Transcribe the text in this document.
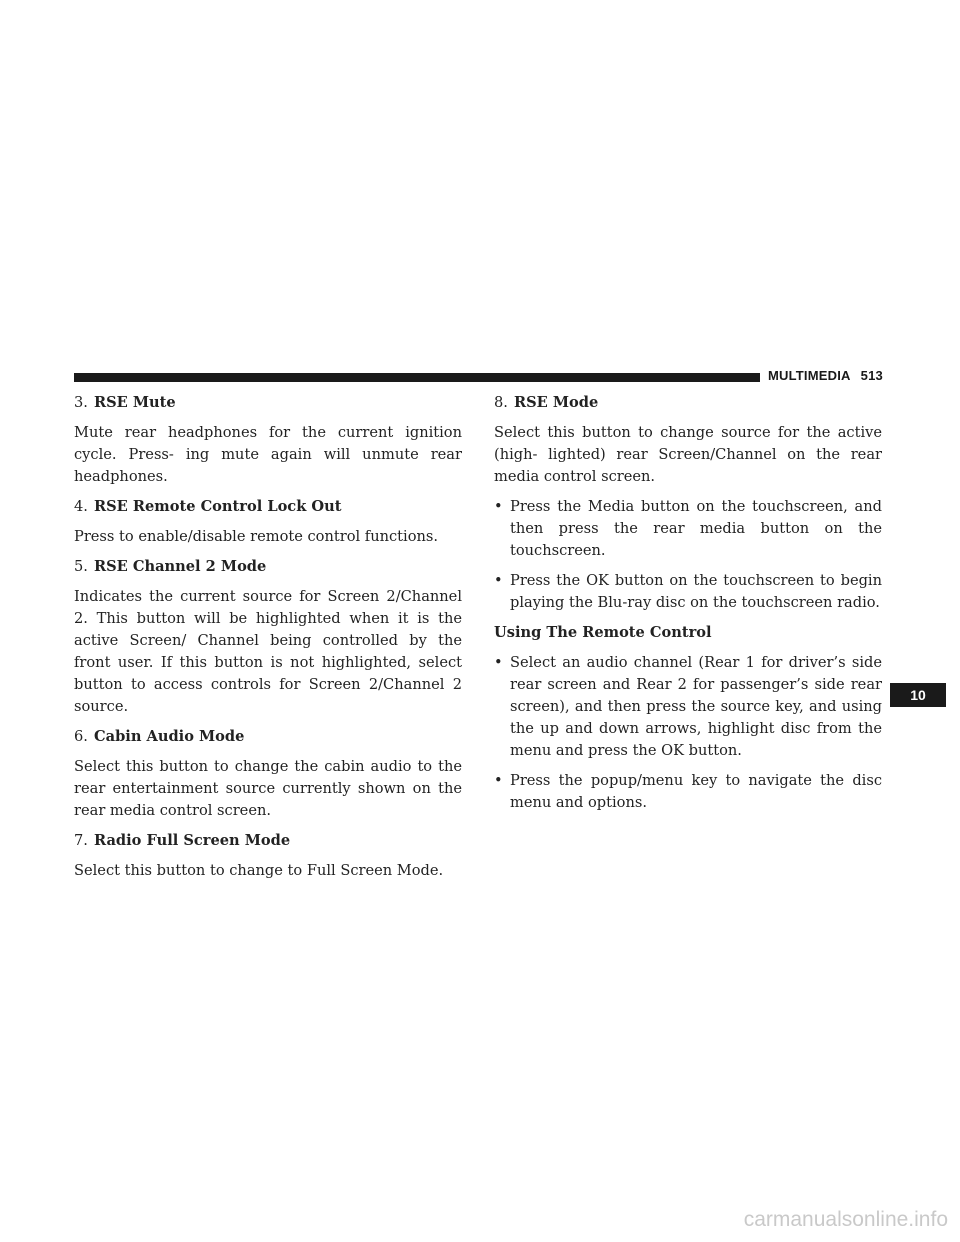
MULTIMEDIA 513
3. RSE Mute

Mute rear headphones for the current ignition cycle. Press- ing mute again will unmute rear headphones.

4. RSE Remote Control Lock Out

Press to enable/disable remote control functions.

5. RSE Channel 2 Mode

Indicates the current source for Screen 2/Channel 2. This button will be highlighted when it is the active Screen/ Channel being controlled by the front user. If this button is not highlighted, select button to access controls for Screen 2/Channel 2 source.

6. Cabin Audio Mode

Select this button to change the cabin audio to the rear entertainment source currently shown on the rear media control screen.

7. Radio Full Screen Mode

Select this button to change to Full Screen Mode.

8. RSE Mode

Select this button to change source for the active (high- lighted) rear Screen/Channel on the rear media control screen.

• Press the Media button on the touchscreen, and then press the rear media button on the touchscreen.
• Press the OK button on the touchscreen to begin playing the Blu-ray disc on the touchscreen radio.
Using The Remote Control
• Select an audio channel (Rear 1 for driver’s side rear screen and Rear 2 for passenger’s side rear screen), and then press the source key, and using the up and down arrows, highlight disc from the menu and press the OK button.
• Press the popup/menu key to navigate the disc menu and options.
10
carmanualsonline.info
